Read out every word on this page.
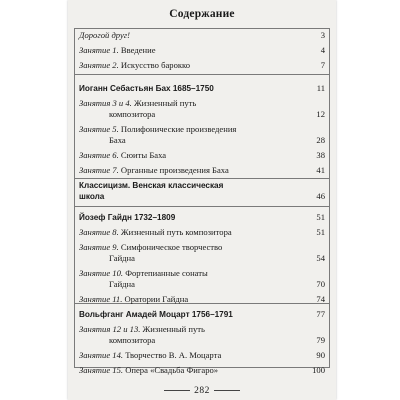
Содержание
Дорогой друг!	3
Занятие 1. Введение	4
Занятие 2. Искусство барокко	7
Иоганн Себастьян Бах 1685–1750	11
Занятия 3 и 4. Жизненный путь
композитора	12
Занятие 5. Полифонические произведения
Баха	28
Занятие 6. Сюиты Баха	38
Занятие 7. Органные произведения Баха	41
Классицизм. Венская классическая
школа	46
Йозеф Гайдн 1732–1809	51
Занятие 8. Жизненный путь композитора	51
Занятие 9. Симфоническое творчество
Гайдна	54
Занятие 10. Фортепианные сонаты
Гайдна	70
Занятие 11. Оратории Гайдна	74
Вольфганг Амадей Моцарт 1756–1791	77
Занятия 12 и 13. Жизненный путь
композитора	79
Занятие 14. Творчество В. А. Моцарта	90
Занятие 15. Опера «Свадьба Фигаро»	100
282
